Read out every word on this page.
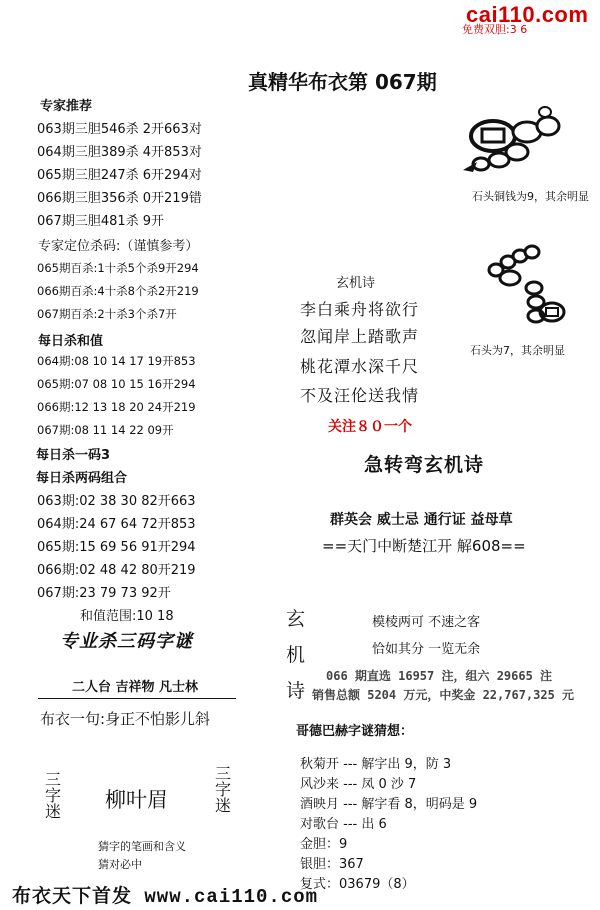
cai110.com
免费双胆:3 6
真精华布衣第 067期
专家推荐
063期三胆546杀 2开663对
064期三胆389杀 4开853对
065期三胆247杀 6开294对
066期三胆356杀 0开219错
067期三胆481杀 9开
专家定位杀码:（谨慎参考）
065期百杀:1十杀5个杀9开294
066期百杀:4十杀8个杀2开219
067期百杀:2十杀3个杀7开
每日杀和值
064期:08 10 14 17 19开853
065期:07 08 10 15 16开294
066期:12 13 18 20 24开219
067期:08 11 14 22 09开
每日杀一码3
每日杀两码组合
063期:02 38 30 82开663
064期:24 67 64 72开853
065期:15 69 56 91开294
066期:02 48 42 80开219
067期:23 79 73 92开
和值范围:10 18
专业杀三码字谜
二人台 吉祥物 凡士林
布衣一句:身正不怕影儿斜
三字迷 柳叶眉
三字迷
猜字的笔画和含义
猜对必中
石头铜钱为9，其余明显
石头为7，其余明显
玄机诗
李白乘舟将欲行
忽闻岸上踏歌声
桃花潭水深千尺
不及汪伦送我情
关注８０一个
急转弯玄机诗
群英会 威士忌 通行证 益母草
==天门中断楚江开 解608==
玄
机
诗
模棱两可 不速之客
恰如其分 一览无余
066 期直选 16957 注，组六 29665 注
销售总额 5204 万元，中奖金 22,767,325 元
哥德巴赫字谜猜想：
秋菊开 --- 解字出 9，防 3
风沙来 --- 凤 0 沙 7
酒映月 --- 解字看 8，明码是 9
对歌台 --- 出 6
金胆：9
银胆：367
复式：03679（8）
布衣天下首发 www.cai110.com
